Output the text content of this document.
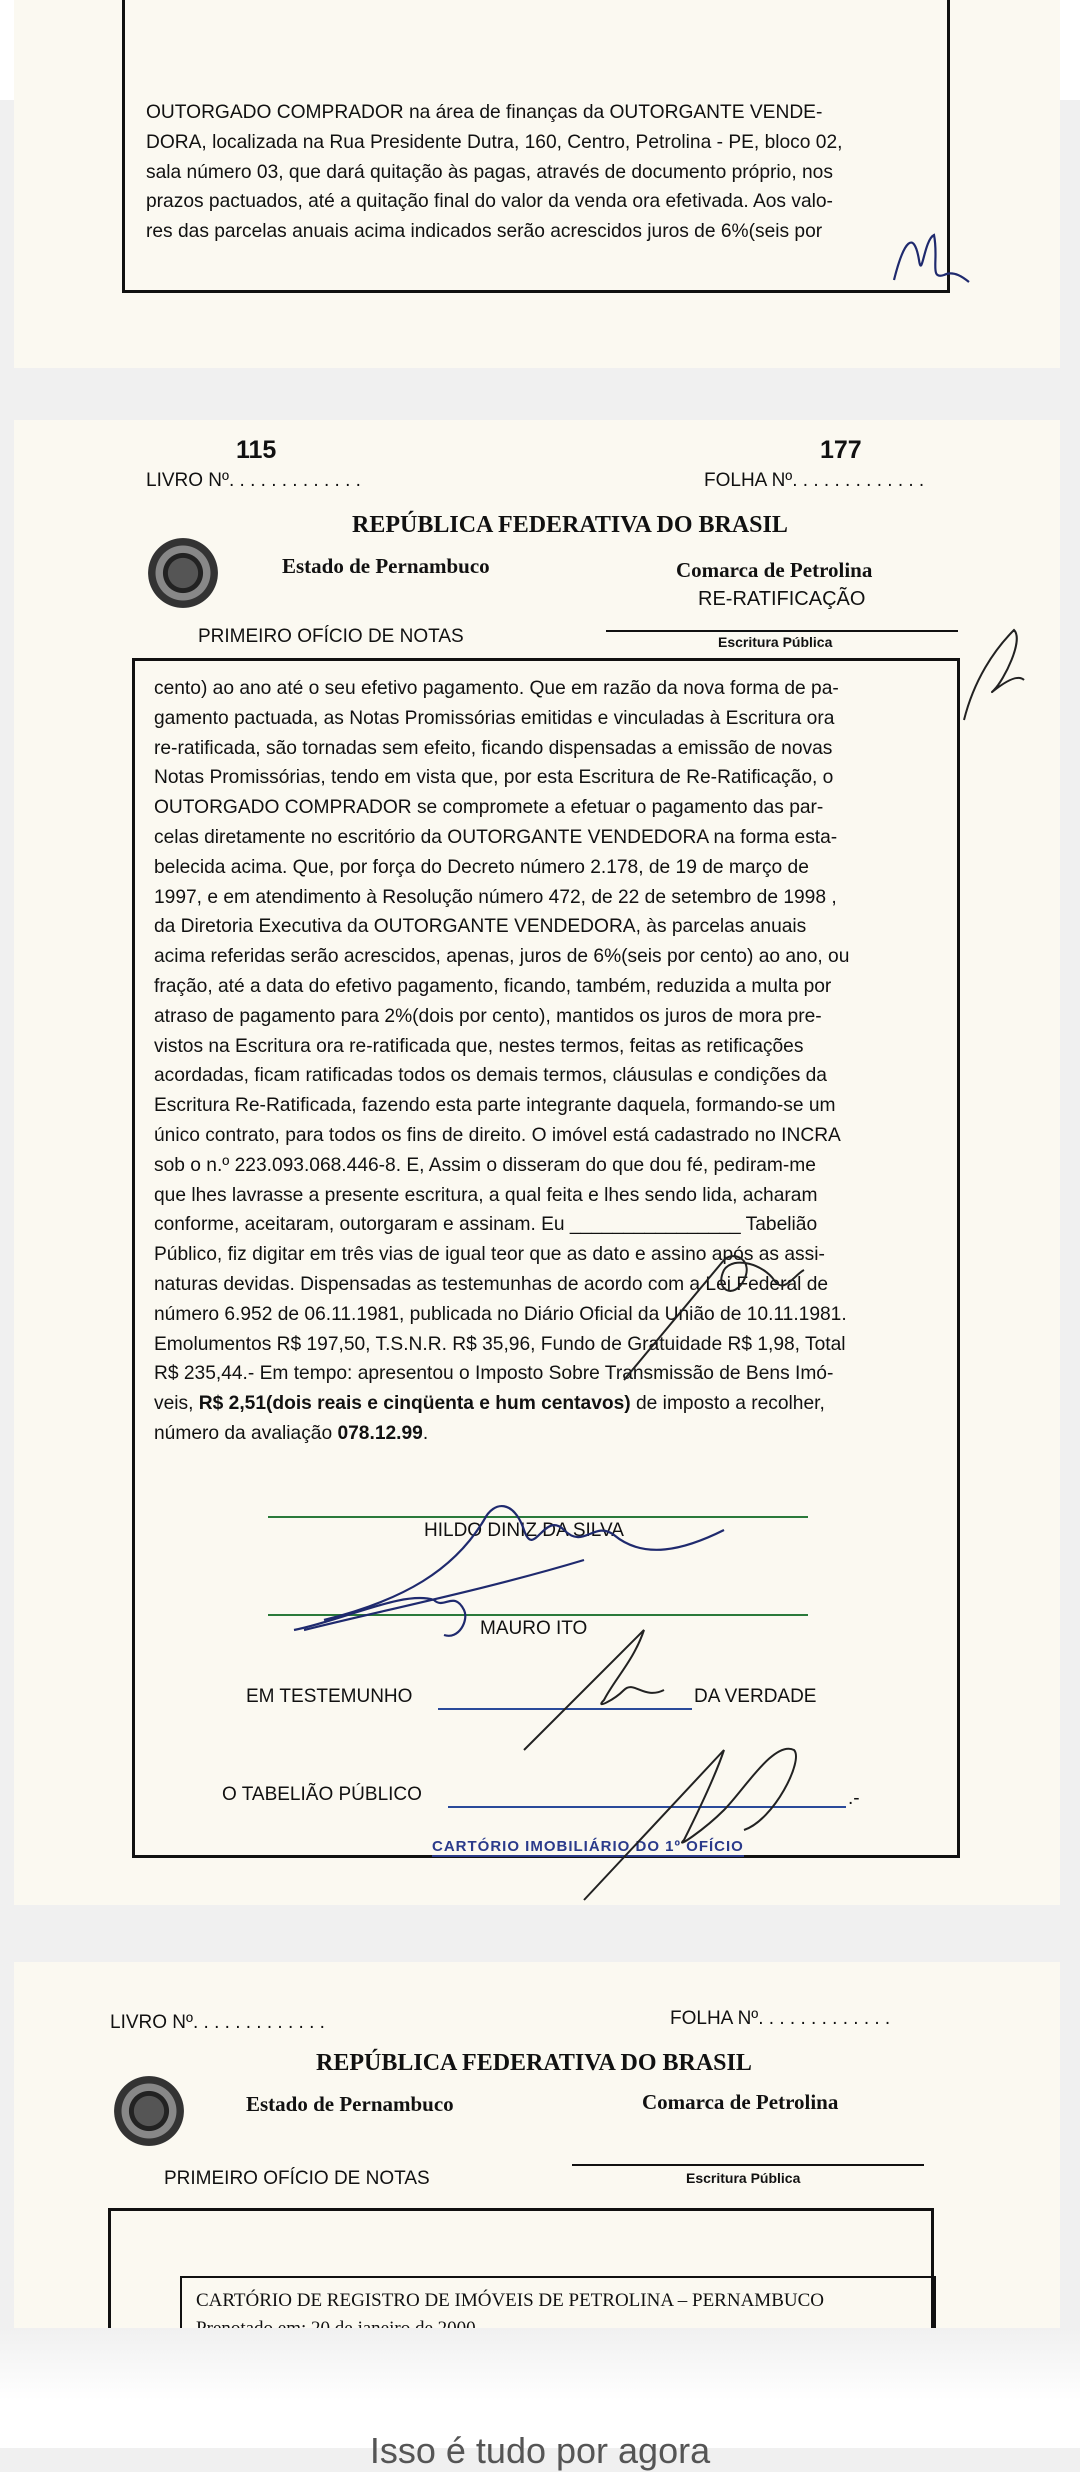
OUTORGADO COMPRADOR na área de finanças da OUTORGANTE VENDE-

DORA, localizada na Rua Presidente Dutra, 160, Centro, Petrolina - PE, bloco 02,

sala número 03, que dará quitação às pagas, através de documento próprio, nos

prazos pactuados, até a quitação final do valor da venda ora efetivada. Aos valo-

res das parcelas anuais acima indicados serão acrescidos juros de 6%(seis por

115
LIVRO Nº. . . . . . . . . . . . .
177
FOLHA Nº. . . . . . . . . . . . .
REPÚBLICA FEDERATIVA DO BRASIL
Estado de Pernambuco	Comarca de Petrolina
RE-RATIFICAÇÃO
PRIMEIRO OFÍCIO DE NOTAS	Escritura Pública

cento) ao ano até o seu efetivo pagamento. Que em razão da nova forma de pa-

gamento pactuada, as Notas Promissórias emitidas e vinculadas à Escritura ora

re-ratificada, são tornadas sem efeito, ficando dispensadas a emissão de novas

Notas Promissórias, tendo em vista que, por esta Escritura de Re-Ratificação, o

OUTORGADO COMPRADOR se compromete a efetuar o pagamento das par-

celas diretamente no escritório da OUTORGANTE VENDEDORA na forma esta-

belecida acima. Que, por força do Decreto número 2.178, de 19 de março de

1997, e em atendimento à Resolução número 472, de 22 de setembro de 1998 ,

da Diretoria Executiva da OUTORGANTE VENDEDORA, às parcelas anuais

acima referidas serão acrescidos, apenas, juros de 6%(seis por cento) ao ano, ou

fração, até a data do efetivo pagamento, ficando, também, reduzida a multa por

atraso de pagamento para 2%(dois por cento), mantidos os juros de mora pre-

vistos na Escritura ora re-ratificada que, nestes termos, feitas as retificações

acordadas, ficam ratificadas todos os demais termos, cláusulas e condições da

Escritura Re-Ratificada, fazendo esta parte integrante daquela, formando-se um

único contrato, para todos os fins de direito. O imóvel está cadastrado no INCRA

sob o n.º 223.093.068.446-8. E, Assim o disseram do que dou fé, pediram-me

que lhes lavrasse a presente escritura, a qual feita e lhes sendo lida, acharam

conforme, aceitaram, outorgaram e assinam. Eu ________________ Tabelião

Público, fiz digitar em três vias de igual teor que as dato e assino após as assi-

naturas devidas. Dispensadas as testemunhas de acordo com a Lei Federal de

número 6.952 de 06.11.1981, publicada no Diário Oficial da União de 10.11.1981.

Emolumentos R$ 197,50, T.S.N.R. R$ 35,96, Fundo de Gratuidade R$ 1,98, Total

R$ 235,44.- Em tempo: apresentou o Imposto Sobre Transmissão de Bens Imó-

veis, R$ 2,51(dois reais e cinqüenta e hum centavos) de imposto a recolher,

número da avaliação 078.12.99.

HILDO DINIZ DA SILVA
MAURO ITO
EM TESTEMUNHO	DA VERDADE
O TABELIÃO PÚBLICO	.-
CARTÓRIO IMOBILIÁRIO DO 1º OFÍCIO
LIVRO Nº. . . . . . . . . . . . .	FOLHA Nº. . . . . . . . . . . . .
REPÚBLICA FEDERATIVA DO BRASIL
Estado de Pernambuco	Comarca de Petrolina
PRIMEIRO OFÍCIO DE NOTAS	Escritura Pública
CARTÓRIO DE REGISTRO DE IMÓVEIS DE PETROLINA – PERNAMBUCO
Isso é tudo por agora
